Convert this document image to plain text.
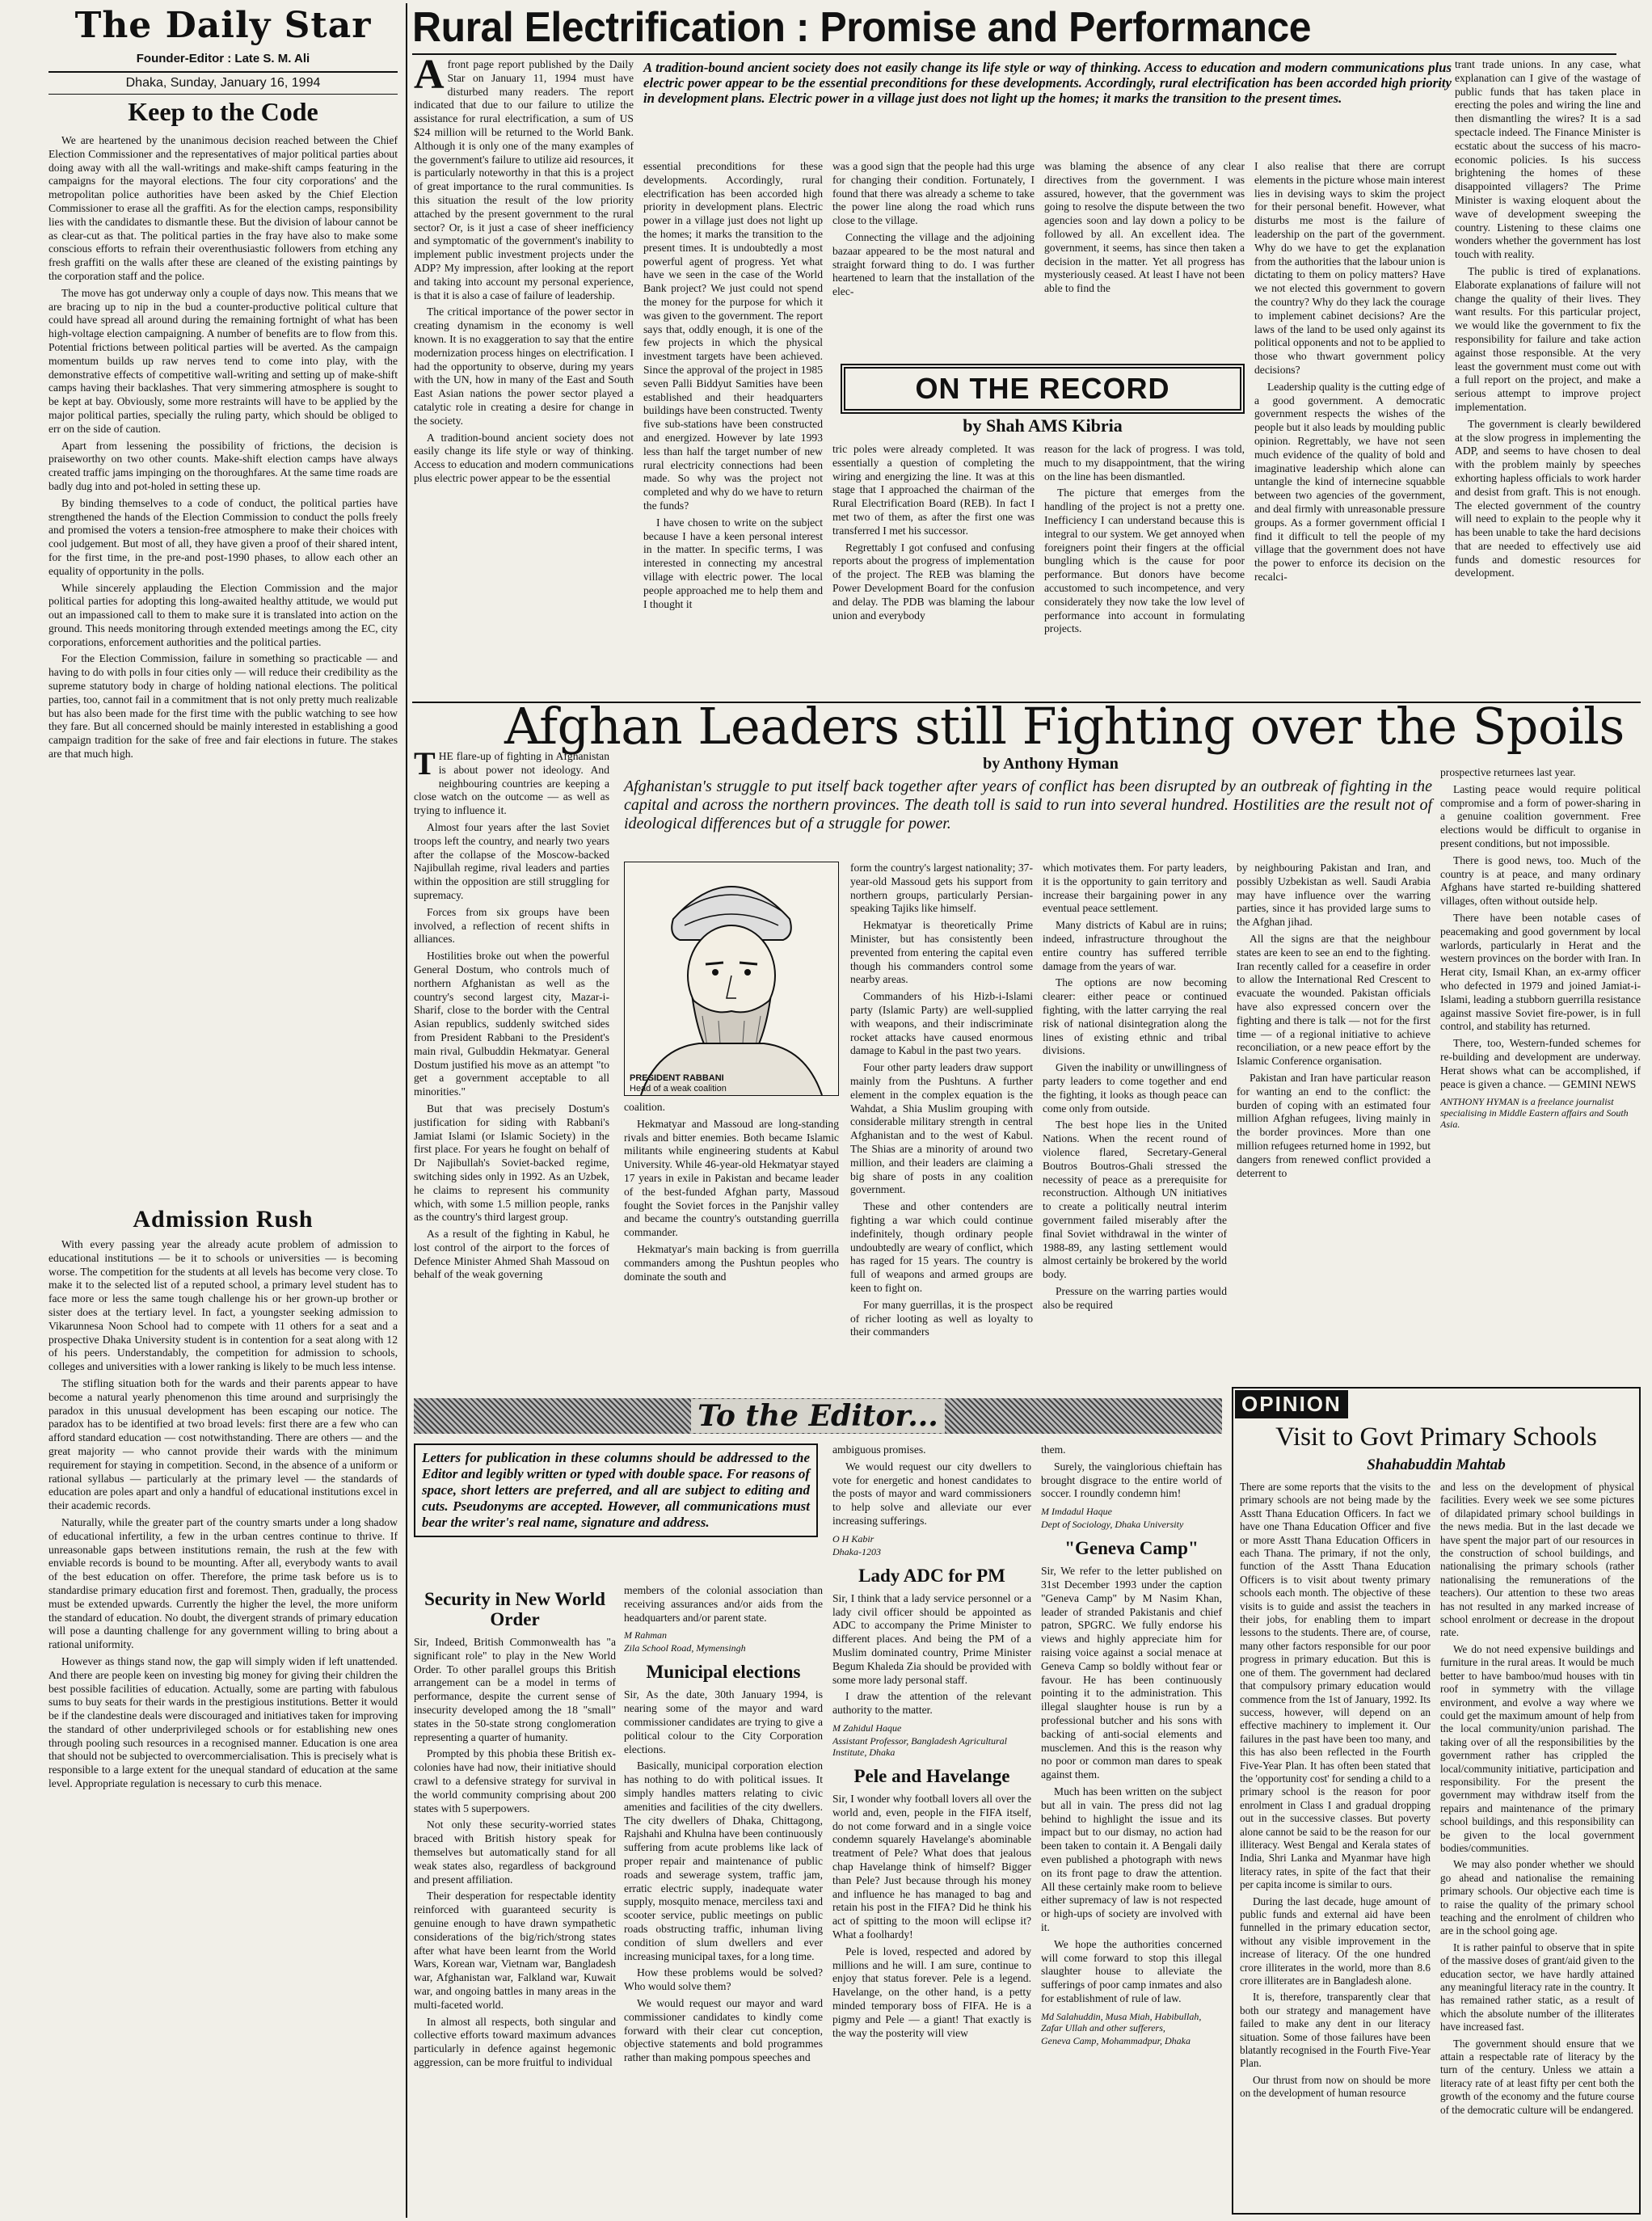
The Daily Star
Founder-Editor : Late S. M. Ali
Dhaka, Sunday, January 16, 1994
Keep to the Code

We are heartened by the unanimous decision reached between the Chief Election Commissioner and the representatives of major political parties about doing away with all the wall-writings and make-shift camps featuring in the campaigns for the mayoral elections. The four city corporations' and the metropolitan police authorities have been asked by the Chief Election Commissioner to erase all the graffiti. As for the election camps, responsibility lies with the candidates to dismantle these. But the division of labour cannot be as clear-cut as that. The political parties in the fray have also to make some conscious efforts to refrain their overenthusiastic followers from etching any fresh graffiti on the walls after these are cleaned of the existing paintings by the corporation staff and the police.

The move has got underway only a couple of days now. This means that we are bracing up to nip in the bud a counter-productive political culture that could have spread all around during the remaining fortnight of what has been high-voltage election campaigning. A number of benefits are to flow from this. Potential frictions between political parties will be averted. As the campaign momentum builds up raw nerves tend to come into play, with the demonstrative effects of competitive wall-writing and setting up of make-shift camps having their backlashes. That very simmering atmosphere is sought to be kept at bay. Obviously, some more restraints will have to be applied by the major political parties, specially the ruling party, which should be obliged to err on the side of caution.

Apart from lessening the possibility of frictions, the decision is praiseworthy on two other counts. Make-shift election camps have always created traffic jams impinging on the thoroughfares. At the same time roads are badly dug into and pot-holed in setting these up.

By binding themselves to a code of conduct, the political parties have strengthened the hands of the Election Commission to conduct the polls freely and promised the voters a tension-free atmosphere to make their choices with cool judgement. But most of all, they have given a proof of their shared intent, for the first time, in the pre-and post-1990 phases, to allow each other an equality of opportunity in the polls.

While sincerely applauding the Election Commission and the major political parties for adopting this long-awaited healthy attitude, we would put out an impassioned call to them to make sure it is translated into action on the ground. This needs monitoring through extended meetings among the EC, city corporations, enforcement authorities and the political parties.

For the Election Commission, failure in something so practicable — and having to do with polls in four cities only — will reduce their credibility as the supreme statutory body in charge of holding national elections. The political parties, too, cannot fail in a commitment that is not only pretty much realizable but has also been made for the first time with the public watching to see how they fare. But all concerned should be mainly interested in establishing a good campaign tradition for the sake of free and fair elections in future. The stakes are that much high.

Admission Rush

With every passing year the already acute problem of admission to educational institutions — be it to schools or universities — is becoming worse. The competition for the students at all levels has become very close. To make it to the selected list of a reputed school, a primary level student has to face more or less the same tough challenge his or her grown-up brother or sister does at the tertiary level. In fact, a youngster seeking admission to Vikarunnesa Noon School had to compete with 11 others for a seat and a prospective Dhaka University student is in contention for a seat along with 12 of his peers. Understandably, the competition for admission to schools, colleges and universities with a lower ranking is likely to be much less intense.

The stifling situation both for the wards and their parents appear to have become a natural yearly phenomenon this time around and surprisingly the paradox in this unusual development has been escaping our notice. The paradox has to be identified at two broad levels: first there are a few who can afford standard education — cost notwithstanding. There are others — and the great majority — who cannot provide their wards with the minimum requirement for staying in competition. Second, in the absence of a uniform or rational syllabus — particularly at the primary level — the standards of education are poles apart and only a handful of educational institutions excel in their academic records.

Naturally, while the greater part of the country smarts under a long shadow of educational infertility, a few in the urban centres continue to thrive. If unreasonable gaps between institutions remain, the rush at the few with enviable records is bound to be mounting. After all, everybody wants to avail of the best education on offer. Therefore, the prime task before us is to standardise primary education first and foremost. Then, gradually, the process must be extended upwards. Currently the higher the level, the more uniform the standard of education. No doubt, the divergent strands of primary education will pose a daunting challenge for any government willing to bring about a rational uniformity.

However as things stand now, the gap will simply widen if left unattended. And there are people keen on investing big money for giving their children the best possible facilities of education. Actually, some are parting with fabulous sums to buy seats for their wards in the prestigious institutions. Better it would be if the clandestine deals were discouraged and initiatives taken for improving the standard of other underprivileged schools or for establishing new ones through pooling such resources in a recognised manner. Education is one area that should not be subjected to overcommercialisation. This is precisely what is responsible to a large extent for the unequal standard of education at the same level. Appropriate regulation is necessary to curb this menace.

Rural Electrification : Promise and Performance
A front page report published by the Daily Star on January 11, 1994 must have disturbed many readers. The report indicated that due to our failure to utilize the assistance for rural electrification, a sum of US $24 million will be returned to the World Bank. Although it is only one of the many examples of the government's failure to utilize aid resources, it is particularly noteworthy in that this is a project of great importance to the rural communities. Is this situation the result of the low priority attached by the present government to the rural sector? Or, is it just a case of sheer inefficiency and symptomatic of the government's inability to implement public investment projects under the ADP? My impression, after looking at the report and taking into account my personal experience, is that it is also a case of failure of leadership.

The critical importance of the power sector in creating dynamism in the economy is well known. It is no exaggeration to say that the entire modernization process hinges on electrification. I had the opportunity to observe, during my years with the UN, how in many of the East and South East Asian nations the power sector played a catalytic role in creating a desire for change in the society.

A tradition-bound ancient society does not easily change its life style or way of thinking. Access to education and modern communications plus electric power appear to be the essential

A tradition-bound ancient society does not easily change its life style or way of thinking. Access to education and modern communications plus electric power appear to be the essential preconditions for these developments. Accordingly, rural electrification has been accorded high priority in development plans. Electric power in a village just does not light up the homes; it marks the transition to the present times.

essential preconditions for these developments. Accordingly, rural electrification has been accorded high priority in development plans. Electric power in a village just does not light up the homes; it marks the transition to the present times. It is undoubtedly a most powerful agent of progress. Yet what have we seen in the case of the World Bank project? We just could not spend the money for the purpose for which it was given to the government. The report says that, oddly enough, it is one of the few projects in which the physical investment targets have been achieved. Since the approval of the project in 1985 seven Palli Biddyut Samities have been established and their headquarters buildings have been constructed. Twenty five sub-stations have been constructed and energized. However by late 1993 less than half the target number of new rural electricity connections had been made. So why was the project not completed and why do we have to return the funds?

I have chosen to write on the subject because I have a keen personal interest in the matter. In specific terms, I was interested in connecting my ancestral village with electric power. The local people approached me to help them and I thought it

was a good sign that the people had this urge for changing their condition. Fortunately, I found that there was already a scheme to take the power line along the road which runs close to the village.

Connecting the village and the adjoining bazaar appeared to be the most natural and straight forward thing to do. I was further heartened to learn that the installation of the elec-

was blaming the absence of any clear directives from the government. I was assured, however, that the government was going to resolve the dispute between the two agencies soon and lay down a policy to be followed by all. An excellent idea. The government, it seems, has since then taken a decision in the matter. Yet all progress has mysteriously ceased. At least I have not been able to find the

ON THE RECORD
by Shah AMS Kibria

tric poles were already completed. It was essentially a question of completing the wiring and energizing the line. It was at this stage that I approached the chairman of the Rural Electrification Board (REB). In fact I met two of them, as after the first one was transferred I met his successor.

Regrettably I got confused and confusing reports about the progress of implementation of the project. The REB was blaming the Power Development Board for the confusion and delay. The PDB was blaming the labour union and everybody

reason for the lack of progress. I was told, much to my disappointment, that the wiring on the line has been dismantled.

The picture that emerges from the handling of the project is not a pretty one. Inefficiency I can understand because this is integral to our system. We get annoyed when foreigners point their fingers at the official bungling which is the cause for poor performance. But donors have become accustomed to such incompetence, and very considerately they now take the low level of performance into account in formulating projects.

I also realise that there are corrupt elements in the picture whose main interest lies in devising ways to skim the project for their personal benefit. However, what disturbs me most is the failure of leadership on the part of the government. Why do we have to get the explanation from the authorities that the labour union is dictating to them on policy matters? Have we not elected this government to govern the country? Why do they lack the courage to implement cabinet decisions? Are the laws of the land to be used only against its political opponents and not to be applied to those who thwart government policy decisions?

Leadership quality is the cutting edge of a good government. A democratic government respects the wishes of the people but it also leads by moulding public opinion. Regrettably, we have not seen much evidence of the quality of bold and imaginative leadership which alone can untangle the kind of internecine squabble between two agencies of the government, and deal firmly with unreasonable pressure groups. As a former government official I find it difficult to tell the people of my village that the government does not have the power to enforce its decision on the recalci-

trant trade unions. In any case, what explanation can I give of the wastage of public funds that has taken place in erecting the poles and wiring the line and then dismantling the wires? It is a sad spectacle indeed. The Finance Minister is ecstatic about the success of his macro-economic policies. Is his success brightening the homes of these disappointed villagers? The Prime Minister is waxing eloquent about the wave of development sweeping the country. Listening to these claims one wonders whether the government has lost touch with reality.

The public is tired of explanations. Elaborate explanations of failure will not change the quality of their lives. They want results. For this particular project, we would like the government to fix the responsibility for failure and take action against those responsible. At the very least the government must come out with a full report on the project, and make a serious attempt to improve project implementation.

The government is clearly bewildered at the slow progress in implementing the ADP, and seems to have chosen to deal with the problem mainly by speeches exhorting hapless officials to work harder and desist from graft. This is not enough. The elected government of the country will need to explain to the people why it has been unable to take the hard decisions that are needed to effectively use aid funds and domestic resources for development.

Afghan Leaders still Fighting over the Spoils
by Anthony Hyman
T HE flare-up of fighting in Afghanistan is about power not ideology. And neighbouring countries are keeping a close watch on the outcome — as well as trying to influence it.

Almost four years after the last Soviet troops left the country, and nearly two years after the collapse of the Moscow-backed Najibullah regime, rival leaders and parties within the opposition are still struggling for supremacy.

Forces from six groups have been involved, a reflection of recent shifts in alliances.

Hostilities broke out when the powerful General Dostum, who controls much of northern Afghanistan as well as the country's second largest city, Mazar-i-Sharif, close to the border with the Central Asian republics, suddenly switched sides from President Rabbani to the President's main rival, Gulbuddin Hekmatyar. General Dostum justified his move as an attempt "to get a government acceptable to all minorities."

But that was precisely Dostum's justification for siding with Rabbani's Jamiat Islami (or Islamic Society) in the first place. For years he fought on behalf of Dr Najibullah's Soviet-backed regime, switching sides only in 1992. As an Uzbek, he claims to represent his community which, with some 1.5 million people, ranks as the country's third largest group.

As a result of the fighting in Kabul, he lost control of the airport to the forces of Defence Minister Ahmed Shah Massoud on behalf of the weak governing

Afghanistan's struggle to put itself back together after years of conflict has been disrupted by an outbreak of fighting in the capital and across the northern provinces. The death toll is said to run into several hundred. Hostilities are the result not of ideological differences but of a struggle for power.
PRESIDENT RABBANI
Head of a weak coalition

form the country's largest nationality; 37-year-old Massoud gets his support from northern groups, particularly Persian-speaking Tajiks like himself.

Hekmatyar is theoretically Prime Minister, but has consistently been prevented from entering the capital even though his commanders control some nearby areas.

Commanders of his Hizb-i-Islami party (Islamic Party) are well-supplied with weapons, and their indiscriminate rocket attacks have caused enormous damage to Kabul in the past two years.

Four other party leaders draw support mainly from the Pushtuns. A further element in the complex equation is the Wahdat, a Shia Muslim grouping with considerable military strength in central Afghanistan and to the west of Kabul. The Shias are a minority of around two million, and their leaders are claiming a big share of posts in any coalition government.

These and other contenders are fighting a war which could continue indefinitely, though ordinary people undoubtedly are weary of conflict, which has raged for 15 years. The country is full of weapons and armed groups are keen to fight on.

For many guerrillas, it is the prospect of richer looting as well as loyalty to their commanders

coalition.

Hekmatyar and Massoud are long-standing rivals and bitter enemies. Both became Islamic militants while engineering students at Kabul University. While 46-year-old Hekmatyar stayed 17 years in exile in Pakistan and became leader of the best-funded Afghan party, Massoud fought the Soviet forces in the Panjshir valley and became the country's outstanding guerrilla commander.

Hekmatyar's main backing is from guerrilla commanders among the Pushtun peoples who dominate the south and

which motivates them. For party leaders, it is the opportunity to gain territory and increase their bargaining power in any eventual peace settlement.

Many districts of Kabul are in ruins; indeed, infrastructure throughout the entire country has suffered terrible damage from the years of war.

The options are now becoming clearer: either peace or continued fighting, with the latter carrying the real risk of national disintegration along the lines of existing ethnic and tribal divisions.

Given the inability or unwillingness of party leaders to come together and end the fighting, it looks as though peace can come only from outside.

The best hope lies in the United Nations. When the recent round of violence flared, Secretary-General Boutros Boutros-Ghali stressed the necessity of peace as a prerequisite for reconstruction. Although UN initiatives to create a politically neutral interim government failed miserably after the final Soviet withdrawal in the winter of 1988-89, any lasting settlement would almost certainly be brokered by the world body.

Pressure on the warring parties would also be required

by neighbouring Pakistan and Iran, and possibly Uzbekistan as well. Saudi Arabia may have influence over the warring parties, since it has provided large sums to the Afghan jihad.

All the signs are that the neighbour states are keen to see an end to the fighting. Iran recently called for a ceasefire in order to allow the International Red Crescent to evacuate the wounded. Pakistan officials have also expressed concern over the fighting and there is talk — not for the first time — of a regional initiative to achieve reconciliation, or a new peace effort by the Islamic Conference organisation.

Pakistan and Iran have particular reason for wanting an end to the conflict: the burden of coping with an estimated four million Afghan refugees, living mainly in the border provinces. More than one million refugees returned home in 1992, but dangers from renewed conflict provided a deterrent to

prospective returnees last year.

Lasting peace would require political compromise and a form of power-sharing in a genuine coalition government. Free elections would be difficult to organise in present conditions, but not impossible.

There is good news, too. Much of the country is at peace, and many ordinary Afghans have started re-building shattered villages, often without outside help.

There have been notable cases of peacemaking and good government by local warlords, particularly in Herat and the western provinces on the border with Iran. In Herat city, Ismail Khan, an ex-army officer who defected in 1979 and joined Jamiat-i-Islami, leading a stubborn guerrilla resistance against massive Soviet fire-power, is in full control, and stability has returned.

There, too, Western-funded schemes for re-building and development are underway. Herat shows what can be accomplished, if peace is given a chance. — GEMINI NEWS

ANTHONY HYMAN is a freelance journalist specialising in Middle Eastern affairs and South Asia.

To the Editor...
Letters for publication in these columns should be addressed to the Editor and legibly written or typed with double space. For reasons of space, short letters are preferred, and all are subject to editing and cuts. Pseudonyms are accepted. However, all communications must bear the writer's real name, signature and address.
Security in New World Order

Sir, Indeed, British Commonwealth has "a significant role" to play in the New World Order. To other parallel groups this British arrangement can be a model in terms of performance, despite the current sense of insecurity developed among the 18 "small" states in the 50-state strong conglomeration representing a quarter of humanity.

Prompted by this phobia these British ex-colonies have had now, their initiative should crawl to a defensive strategy for survival in the world community comprising about 200 states with 5 superpowers.

Not only these security-worried states braced with British history speak for themselves but automatically stand for all weak states also, regardless of background and present affiliation.

Their desperation for respectable identity reinforced with guaranteed security is genuine enough to have drawn sympathetic considerations of the big/rich/strong states after what have been learnt from the World Wars, Korean war, Vietnam war, Bangladesh war, Afghanistan war, Falkland war, Kuwait war, and ongoing battles in many areas in the multi-faceted world.

In almost all respects, both singular and collective efforts toward maximum advances particularly in defence against hegemonic aggression, can be more fruitful to individual

members of the colonial association than receiving assurances and/or aids from the headquarters and/or parent state.

M Rahman

Zila School Road, Mymensingh

Municipal elections

Sir, As the date, 30th January 1994, is nearing some of the mayor and ward commissioner candidates are trying to give a political colour to the City Corporation elections.

Basically, municipal corporation election has nothing to do with political issues. It simply handles matters relating to civic amenities and facilities of the city dwellers. The city dwellers of Dhaka, Chittagong, Rajshahi and Khulna have been continuously suffering from acute problems like lack of proper repair and maintenance of public roads and sewerage system, traffic jam, erratic electric supply, inadequate water supply, mosquito menace, merciless taxi and scooter service, public meetings on public roads obstructing traffic, inhuman living condition of slum dwellers and ever increasing municipal taxes, for a long time.

How these problems would be solved? Who would solve them?

We would request our mayor and ward commissioner candidates to kindly come forward with their clear cut conception, objective statements and bold programmes rather than making pompous speeches and

ambiguous promises.

We would request our city dwellers to vote for energetic and honest candidates to the posts of mayor and ward commissioners to help solve and alleviate our ever increasing sufferings.

O H Kabir

Dhaka-1203

Lady ADC for PM

Sir, I think that a lady service personnel or a lady civil officer should be appointed as ADC to accompany the Prime Minister to different places. And being the PM of a Muslim dominated country, Prime Minister Begum Khaleda Zia should be provided with some more lady personal staff.

I draw the attention of the relevant authority to the matter.

M Zahidul Haque

Assistant Professor, Bangladesh Agricultural Institute, Dhaka

Pele and Havelange

Sir, I wonder why football lovers all over the world and, even, people in the FIFA itself, do not come forward and in a single voice condemn squarely Havelange's abominable treatment of Pele? What does that jealous chap Havelange think of himself? Bigger than Pele? Just because through his money and influence he has managed to bag and retain his post in the FIFA? Did he think his act of spitting to the moon will eclipse it? What a foolhardy!

Pele is loved, respected and adored by millions and he will. I am sure, continue to enjoy that status forever. Pele is a legend. Havelange, on the other hand, is a petty minded temporary boss of FIFA. He is a pigmy and Pele — a giant! That exactly is the way the posterity will view

them.

Surely, the vainglorious chieftain has brought disgrace to the entire world of soccer. I roundly condemn him!

M Imdadul Haque

Dept of Sociology, Dhaka University

"Geneva Camp"

Sir, We refer to the letter published on 31st December 1993 under the caption "Geneva Camp" by M Nasim Khan, leader of stranded Pakistanis and chief patron, SPGRC. We fully endorse his views and highly appreciate him for raising voice against a social menace at Geneva Camp so boldly without fear or favour. He has been continuously pointing it to the administration. This illegal slaughter house is run by a professional butcher and his sons with backing of anti-social elements and musclemen. And this is the reason why no poor or common man dares to speak against them.

Much has been written on the subject but all in vain. The press did not lag behind to highlight the issue and its impact but to our dismay, no action had been taken to contain it. A Bengali daily even published a photograph with news on its front page to draw the attention. All these certainly make room to believe either supremacy of law is not respected or high-ups of society are involved with it.

We hope the authorities concerned will come forward to stop this illegal slaughter house to alleviate the sufferings of poor camp inmates and also for establishment of rule of law.

Md Salahuddin, Musa Miah, Habibullah, Zafar Ullah and other sufferers,

Geneva Camp, Mohammadpur, Dhaka

OPINION
Visit to Govt Primary Schools
Shahabuddin Mahtab

There are some reports that the visits to the primary schools are not being made by the Asstt Thana Education Officers. In fact we have one Thana Education Officer and five or more Asstt Thana Education Officers in each Thana. The primary, if not the only, function of the Asstt Thana Education Officers is to visit about twenty primary schools each month. The objective of these visits is to guide and assist the teachers in their jobs, for enabling them to impart lessons to the students. There are, of course, many other factors responsible for our poor progress in primary education. But this is one of them. The government had declared that compulsory primary education would commence from the 1st of January, 1992. Its success, however, will depend on an effective machinery to implement it. Our failures in the past have been too many, and this has also been reflected in the Fourth Five-Year Plan. It has often been stated that the 'opportunity cost' for sending a child to a primary school is the reason for poor enrolment in Class I and gradual dropping out in the successive classes. But poverty alone cannot be said to be the reason for our illiteracy. West Bengal and Kerala states of India, Shri Lanka and Myanmar have high literacy rates, in spite of the fact that their per capita income is similar to ours.

During the last decade, huge amount of public funds and external aid have been funnelled in the primary education sector, without any visible improvement in the increase of literacy. Of the one hundred crore illiterates in the world, more than 8.6 crore illiterates are in Bangladesh alone.

It is, therefore, transparently clear that both our strategy and management have failed to make any dent in our literacy situation. Some of those failures have been blatantly recognised in the Fourth Five-Year Plan.

Our thrust from now on should be more on the development of human resource

and less on the development of physical facilities. Every week we see some pictures of dilapidated primary school buildings in the news media. But in the last decade we have spent the major part of our resources in the construction of school buildings, and nationalising the primary schools (rather nationalising the remunerations of the teachers). Our attention to these two areas has not resulted in any marked increase of school enrolment or decrease in the dropout rate.

We do not need expensive buildings and furniture in the rural areas. It would be much better to have bamboo/mud houses with tin roof in symmetry with the village environment, and evolve a way where we could get the maximum amount of help from the local community/union parishad. The taking over of all the responsibilities by the government rather has crippled the local/community initiative, participation and responsibility. For the present the government may withdraw itself from the repairs and maintenance of the primary school buildings, and this responsibility can be given to the local government bodies/communities.

We may also ponder whether we should go ahead and nationalise the remaining primary schools. Our objective each time is to raise the quality of the primary school teaching and the enrolment of children who are in the school going age.

It is rather painful to observe that in spite of the massive doses of grant/aid given to the education sector, we have hardly attained any meaningful literacy rate in the country. It has remained rather static, as a result of which the absolute number of the illiterates have increased fast.

The government should ensure that we attain a respectable rate of literacy by the turn of the century. Unless we attain a literacy rate of at least fifty per cent both the growth of the economy and the future course of the democratic culture will be endangered.
